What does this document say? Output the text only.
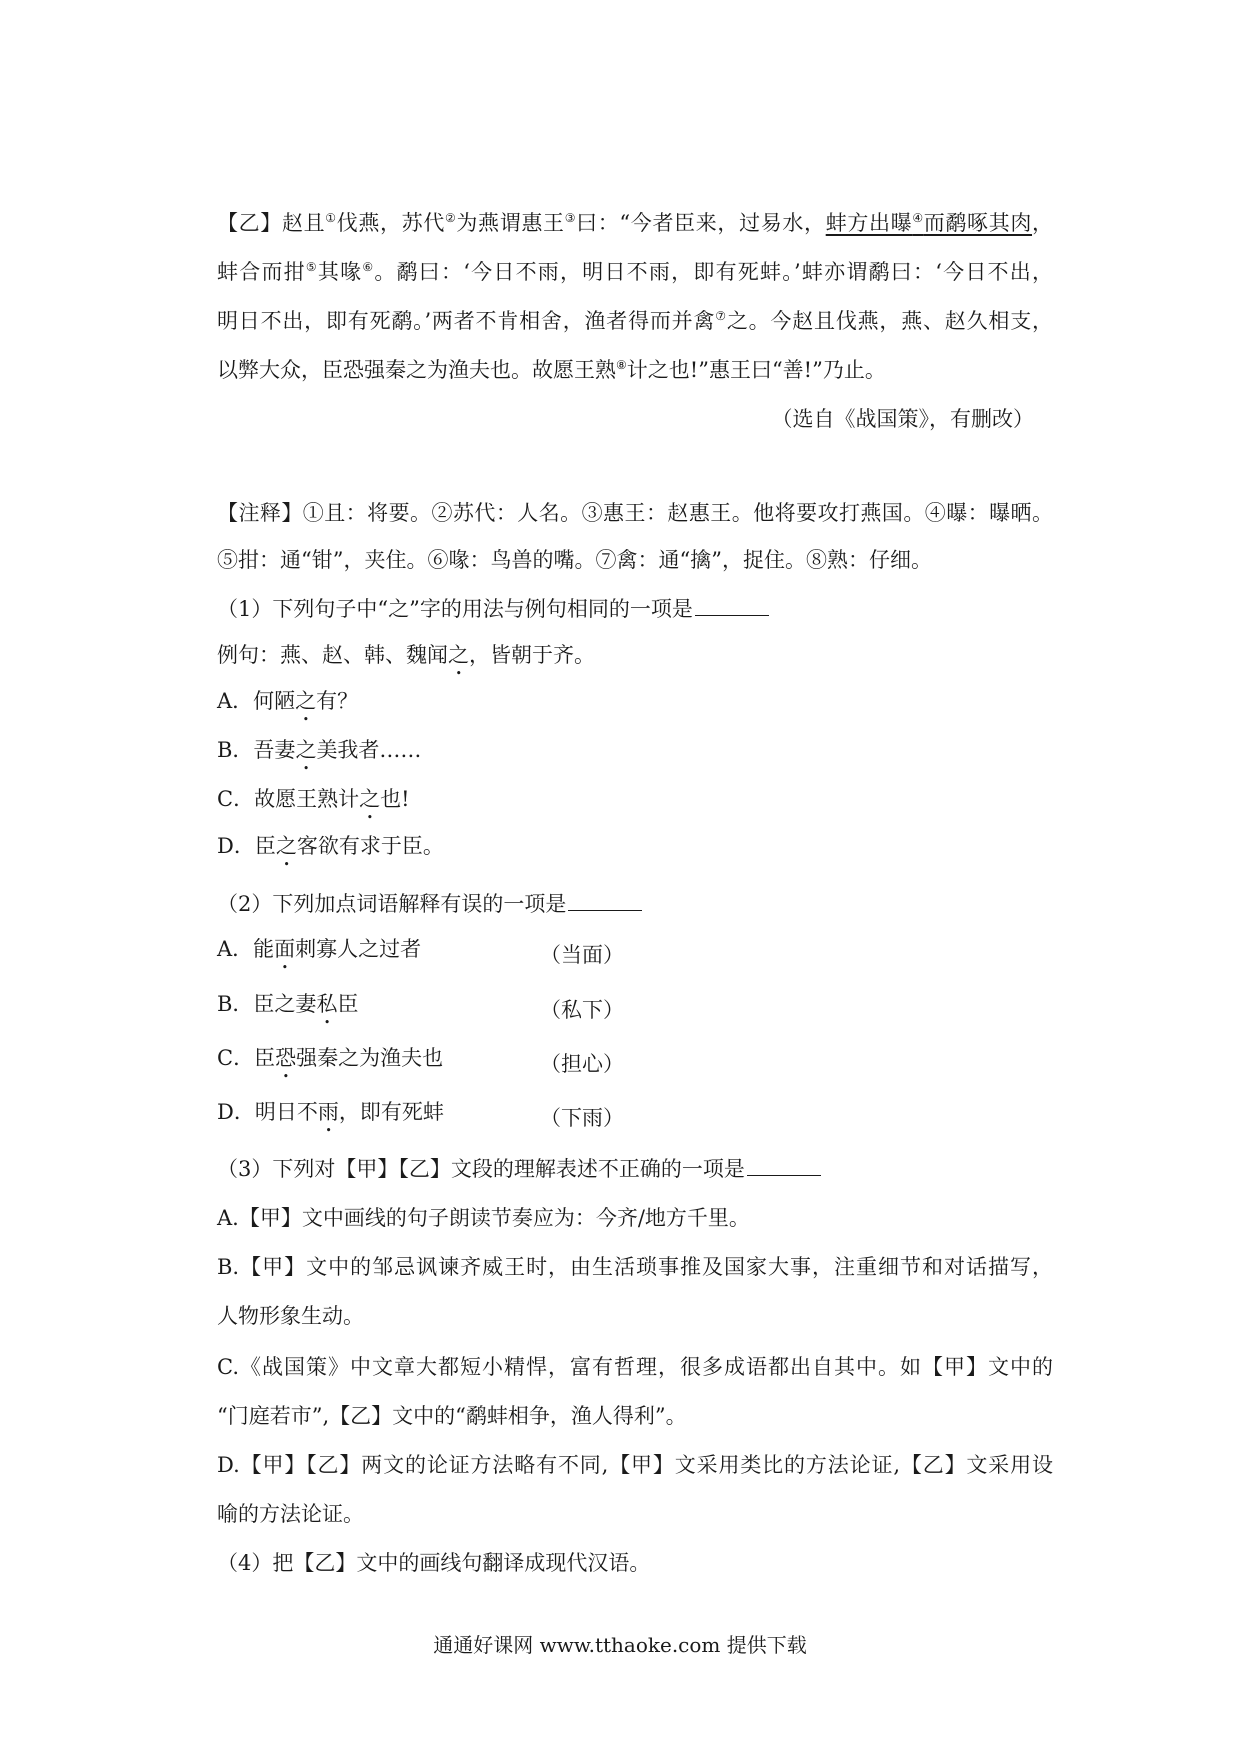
【乙】赵且①伐燕，苏代②为燕谓惠王③曰：“今者臣来，过易水，蚌方出曝④而鹬啄其肉，
蚌合而拑⑤其喙⑥。鹬曰：‘今日不雨，明日不雨，即有死蚌。’蚌亦谓鹬曰：‘今日不出，
明日不出，即有死鹬。’两者不肯相舍，渔者得而并禽⑦之。今赵且伐燕，燕、赵久相支，
以弊大众，臣恐强秦之为渔夫也。故愿王熟⑧计之也!”惠王曰“善!”乃止。
（选自《战国策》，有删改）
【注释】①且：将要。②苏代：人名。③惠王：赵惠王。他将要攻打燕国。④曝：曝晒。
⑤拑：通“钳”，夹住。⑥喙：鸟兽的嘴。⑦禽：通“擒”，捉住。⑧熟：仔细。
（1）下列句子中“之”字的用法与例句相同的一项是
例句：燕、赵、韩、魏闻之，皆朝于齐。
A．何陋之有？
B．吾妻之美我者……
C．故愿王熟计之也!
D．臣之客欲有求于臣。
（2）下列加点词语解释有误的一项是
A．能面刺寡人之过者	（当面）
B．臣之妻私臣	（私下）
C．臣恐强秦之为渔夫也	（担心）
D．明日不雨，即有死蚌	（下雨）
（3）下列对【甲】【乙】文段的理解表述不正确的一项是
A.【甲】文中画线的句子朗读节奏应为：今齐/地方千里。
B.【甲】文中的邹忌讽谏齐威王时，由生活琐事推及国家大事，注重细节和对话描写，
人物形象生动。
C.《战国策》中文章大都短小精悍，富有哲理，很多成语都出自其中。如【甲】文中的
“门庭若市”,【乙】文中的“鹬蚌相争，渔人得利”。
D.【甲】【乙】两文的论证方法略有不同,【甲】文采用类比的方法论证,【乙】文采用设
喻的方法论证。
（4）把【乙】文中的画线句翻译成现代汉语。
通通好课网 www.tthaoke.com 提供下载
